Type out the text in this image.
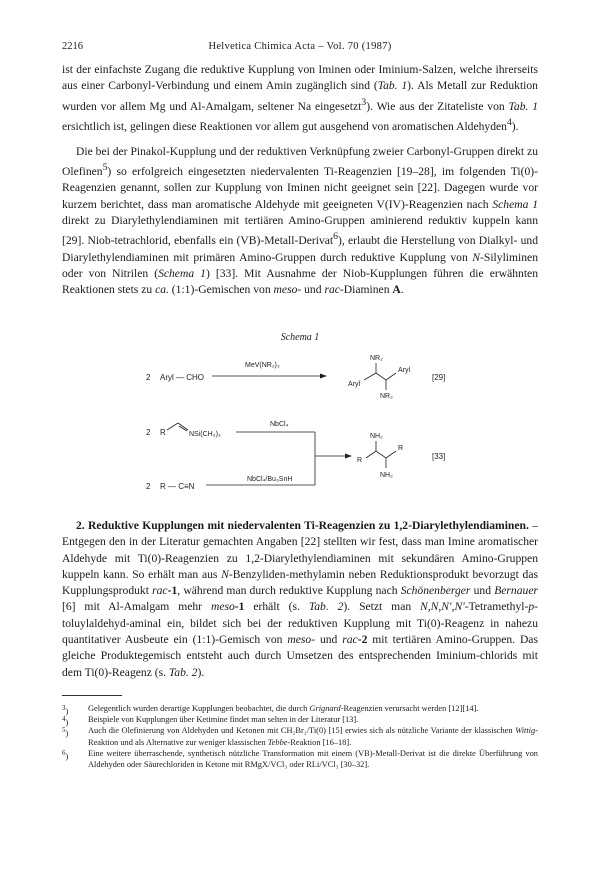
2216	Helvetica Chimica Acta – Vol. 70 (1987)

ist der einfachste Zugang die reduktive Kupplung von Iminen oder Iminium-Salzen, welche ihrerseits aus einer Carbonyl-Verbindung und einem Amin zugänglich sind (Tab. 1). Als Metall zur Reduktion wurden vor allem Mg und Al-Amalgam, seltener Na eingesetzt$^3$). Wie aus der Zitateliste von Tab. 1 ersichtlich ist, gelingen diese Reaktionen vor allem gut ausgehend von aromatischen Aldehyden$^4$).

Die bei der Pinakol-Kupplung und der reduktiven Verknüpfung zweier Carbonyl-Gruppen direkt zu Olefinen$^5$) so erfolgreich eingesetzten niedervalenten Ti-Reagenzien [19–28], im folgenden Ti(0)-Reagenzien genannt, sollen zur Kupplung von Iminen nicht geeignet sein [22]. Dagegen wurde vor kurzem berichtet, dass man aromatische Aldehyde mit geeigneten V(IV)-Reagenzien nach Schema 1 direkt zu Diarylethylendiaminen mit tertiären Amino-Gruppen aminierend reduktiv kuppeln kann [29]. Niob-tetrachlorid, ebenfalls ein (VB)-Metall-Derivat$^6$), erlaubt die Herstellung von Dialkyl- und Diarylethylendiaminen mit primären Amino-Gruppen durch reduktive Kupplung von N-Silyliminen oder von Nitrilen (Schema 1) [33]. Mit Ausnahme der Niob-Kupplungen führen die erwähnten Reaktionen stets zu ca. (1:1)-Gemischen von meso- und rac-Diaminen A.

Schema 1
2 Aryl — CHO
MeV(NR₂)₃
NR₂
Aryl
Aryl
NR₂
[29]
2 R	NSi(CH₃)₃
NbCl₄
2 R — C≡N
NbCl₄/Bu₃SnH
NH₂
R
R
NH₂
[33]

2. Reduktive Kupplungen mit niedervalenten Ti-Reagenzien zu 1,2-Diarylethylendiaminen. – Entgegen den in der Literatur gemachten Angaben [22] stellten wir fest, dass man Imine aromatischer Aldehyde mit Ti(0)-Reagenzien zu 1,2-Diarylethylendiaminen mit sekundären Amino-Gruppen kuppeln kann. So erhält man aus N-Benzyliden-methylamin neben Reduktionsprodukt bevorzugt das Kupplungsprodukt rac-1, während man durch reduktive Kupplung nach Schönenberger und Bernauer [6] mit Al-Amalgam mehr meso-1 erhält (s. Tab. 2). Setzt man N,N,N′,N′-Tetramethyl-p-toluylaldehyd-aminal ein, bildet sich bei der reduktiven Kupplung mit Ti(0)-Reagenz in nahezu quantitativer Ausbeute ein (1:1)-Gemisch von meso- und rac-2 mit tertiären Amino-Gruppen. Das gleiche Produktegemisch entsteht auch durch Umsetzen des entsprechenden Iminium-chlorids mit dem Ti(0)-Reagenz (s. Tab. 2).

$^3$) Gelegentlich wurden derartige Kupplungen beobachtet, die durch Grignard-Reagenzien verursacht werden [12][14].
$^4$) Beispiele von Kupplungen über Ketimine findet man selten in der Literatur [13].
$^5$) Auch die Olefinierung von Aldehyden und Ketonen mit CH₂Br₂/Ti(0) [15] erwies sich als nützliche Variante der klassischen Wittig-Reaktion und als Alternative zur weniger klassischen Tebbe-Reaktion [16–18].
$^6$) Eine weitere überraschende, synthetisch nützliche Transformation mit einem (VB)-Metall-Derivat ist die direkte Überführung von Aldehyden oder Säurechloriden in Ketone mit RMgX/VCl₃ oder RLi/VCl₃ [30–32].
